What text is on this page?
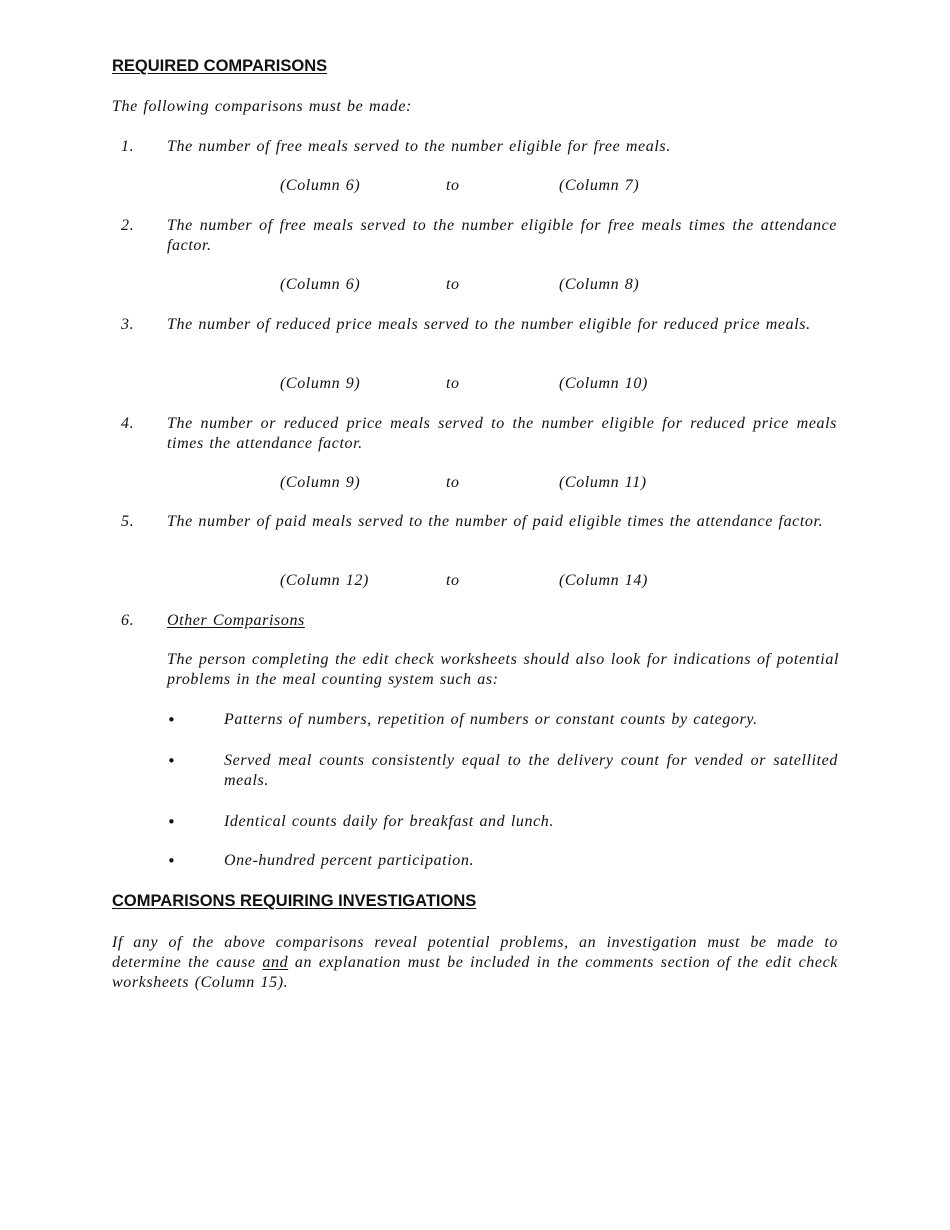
REQUIRED COMPARISONS
The following comparisons must be made:
1. The number of free meals served to the number eligible for free meals.
(Column 6)	to	(Column 7)
2. The number of free meals served to the number eligible for free meals times the attendance factor.
(Column 6)	to	(Column 8)
3. The number of reduced price meals served to the number eligible for reduced price meals.
(Column 9)	to	(Column 10)
4. The number or reduced price meals served to the number eligible for reduced price meals times the attendance factor.
(Column 9)	to	(Column 11)
5. The number of paid meals served to the number of paid eligible times the attendance factor.
(Column 12)	to	(Column 14)
6. Other Comparisons
The person completing the edit check worksheets should also look for indications of potential problems in the meal counting system such as:
•	Patterns of numbers, repetition of numbers or constant counts by category.
•	Served meal counts consistently equal to the delivery count for vended or satellited meals.
•	Identical counts daily for breakfast and lunch.
•	One-hundred percent participation.
COMPARISONS REQUIRING INVESTIGATIONS
If any of the above comparisons reveal potential problems, an investigation must be made to determine the cause and an explanation must be included in the comments section of the edit check worksheets (Column 15).
